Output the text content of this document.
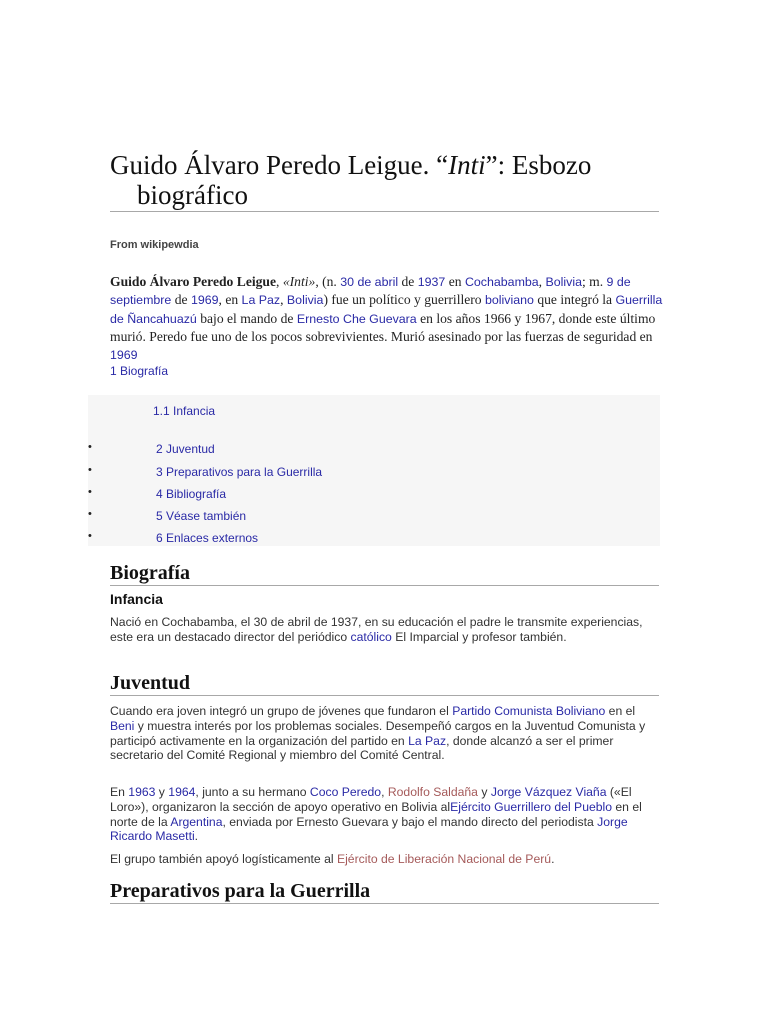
Guido Álvaro Peredo Leigue. “Inti”: Esbozo
biográfico
From wikipewdia

Guido Álvaro Peredo Leigue, «Inti», (n. 30 de abril de 1937 en Cochabamba, Bolivia; m. 9 de septiembre de 1969, en La Paz, Bolivia) fue un político y guerrillero boliviano que integró la Guerrilla de Ñancahuazú bajo el mando de Ernesto Che Guevara en los años 1966 y 1967, donde este último murió. Peredo fue uno de los pocos sobrevivientes. Murió asesinado por las fuerzas de seguridad en 1969

1 Biografía
1.1 Infancia
•	2 Juventud
•	3 Preparativos para la Guerrilla
•	4 Bibliografía
•	5 Véase también
•	6 Enlaces externos
Biografía
Infancia

Nació en Cochabamba, el 30 de abril de 1937, en su educación el padre le transmite experiencias, este era un destacado director del periódico católico El Imparcial y profesor también.

Juventud

Cuando era joven integró un grupo de jóvenes que fundaron el Partido Comunista Boliviano en el Beni y muestra interés por los problemas sociales. Desempeñó cargos en la Juventud Comunista y participó activamente en la organización del partido en La Paz, donde alcanzó a ser el primer secretario del Comité Regional y miembro del Comité Central.

En 1963 y 1964, junto a su hermano Coco Peredo, Rodolfo Saldaña y Jorge Vázquez Viaña («El Loro»), organizaron la sección de apoyo operativo en Bolivia alEjército Guerrillero del Pueblo en el norte de la Argentina, enviada por Ernesto Guevara y bajo el mando directo del periodista Jorge Ricardo Masetti.

El grupo también apoyó logísticamente al Ejército de Liberación Nacional de Perú.

Preparativos para la Guerrilla
